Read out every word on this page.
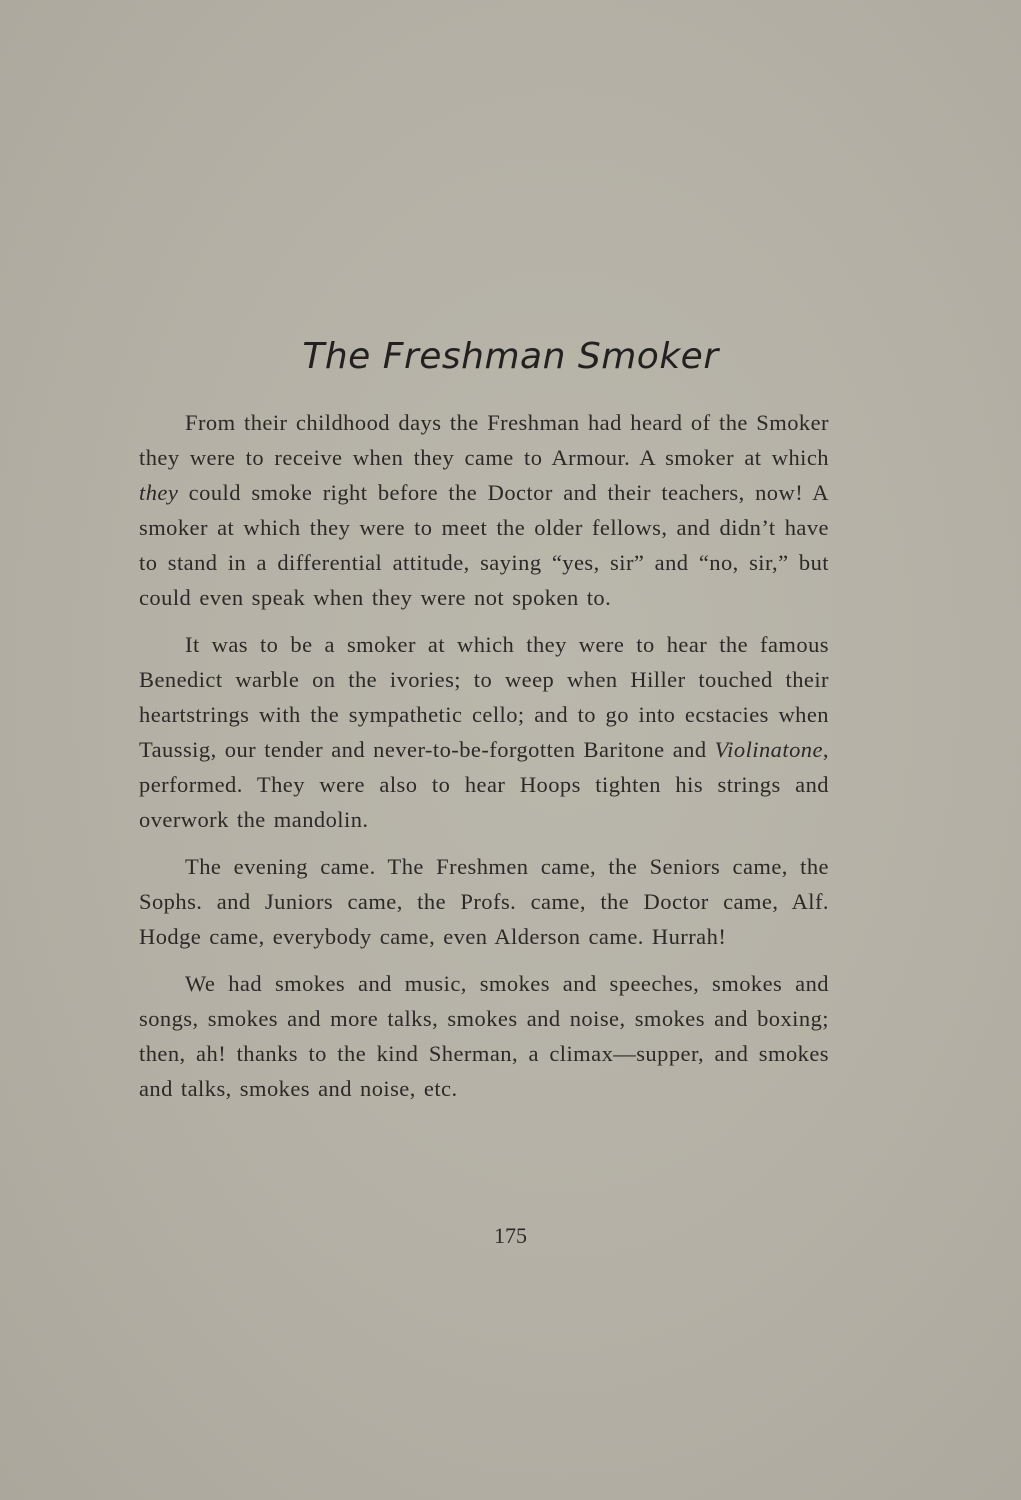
The Freshman Smoker

From their childhood days the Freshman had heard of the Smoker they were to receive when they came to Armour. A smoker at which they could smoke right before the Doctor and their teachers, now! A smoker at which they were to meet the older fellows, and didn’t have to stand in a differential attitude, saying “yes, sir” and “no, sir,” but could even speak when they were not spoken to.

It was to be a smoker at which they were to hear the famous Benedict warble on the ivories; to weep when Hiller touched their heartstrings with the sympathetic cello; and to go into ecstacies when Taussig, our tender and never-to-be-forgotten Baritone and Violinatone, performed. They were also to hear Hoops tighten his strings and overwork the mandolin.

The evening came. The Freshmen came, the Seniors came, the Sophs. and Juniors came, the Profs. came, the Doctor came, Alf. Hodge came, everybody came, even Alderson came. Hurrah!

We had smokes and music, smokes and speeches, smokes and songs, smokes and more talks, smokes and noise, smokes and boxing; then, ah! thanks to the kind Sherman, a climax—supper, and smokes and talks, smokes and noise, etc.

175
